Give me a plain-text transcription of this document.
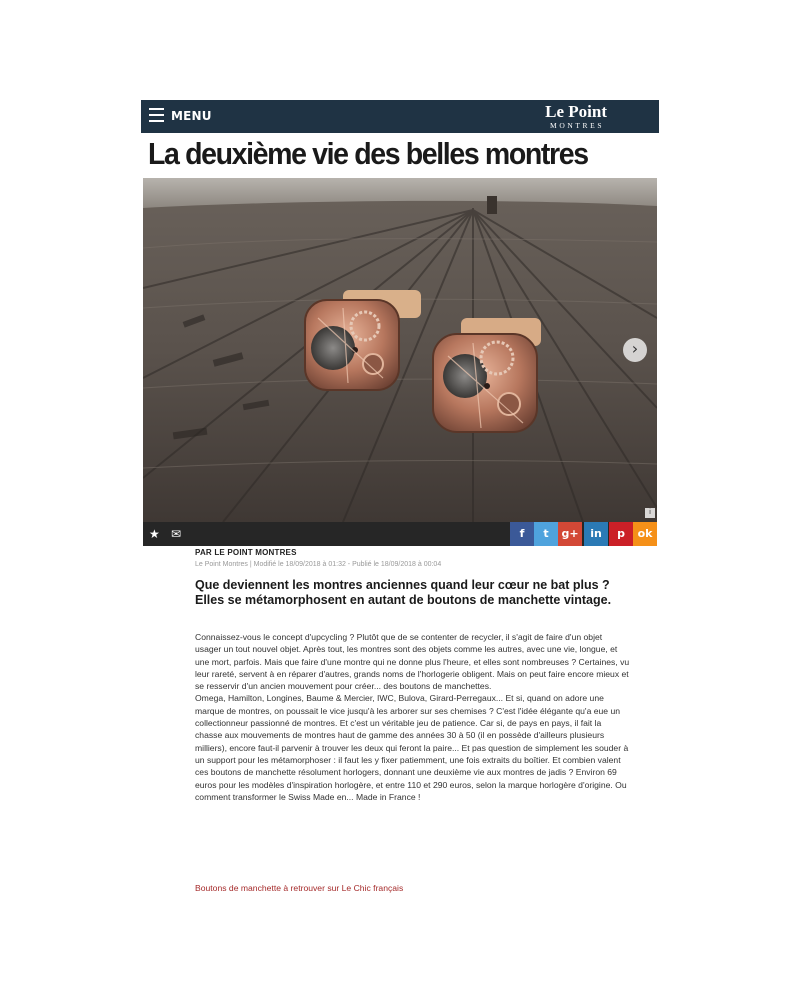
MENU	Le Point
MONTRES
La deuxième vie des belles montres
›
i
★ ✉	f	t	g+	in	p	ok
PAR LE POINT MONTRES
Le Point Montres | Modifié le 18/09/2018 à 01:32 - Publié le 18/09/2018 à 00:04
Que deviennent les montres anciennes quand leur cœur ne bat plus ? Elles se métamorphosent en autant de boutons de manchette vintage.

Connaissez-vous le concept d'upcycling ? Plutôt que de se contenter de recycler, il s'agit de faire d'un objet usager un tout nouvel objet. Après tout, les montres sont des objets comme les autres, avec une vie, longue, et une mort, parfois. Mais que faire d'une montre qui ne donne plus l'heure, et elles sont nombreuses ? Certaines, vu leur rareté, servent à en réparer d'autres, grands noms de l'horlogerie obligent. Mais on peut faire encore mieux et se resservir d'un ancien mouvement pour créer... des boutons de manchettes.

Omega, Hamilton, Longines, Baume & Mercier, IWC, Bulova, Girard-Perregaux... Et si, quand on adore une marque de montres, on poussait le vice jusqu'à les arborer sur ses chemises ? C'est l'idée élégante qu'a eue un collectionneur passionné de montres. Et c'est un véritable jeu de patience. Car si, de pays en pays, il fait la chasse aux mouvements de montres haut de gamme des années 30 à 50 (il en possède d'ailleurs plusieurs milliers), encore faut-il parvenir à trouver les deux qui feront la paire... Et pas question de simplement les souder à un support pour les métamorphoser : il faut les y fixer patiemment, une fois extraits du boîtier. Et combien valent ces boutons de manchette résolument horlogers, donnant une deuxième vie aux montres de jadis ? Environ 69 euros pour les modèles d'inspiration horlogère, et entre 110 et 290 euros, selon la marque horlogère d'origine. Ou comment transformer le Swiss Made en... Made in France !

Boutons de manchette à retrouver sur Le Chic français
